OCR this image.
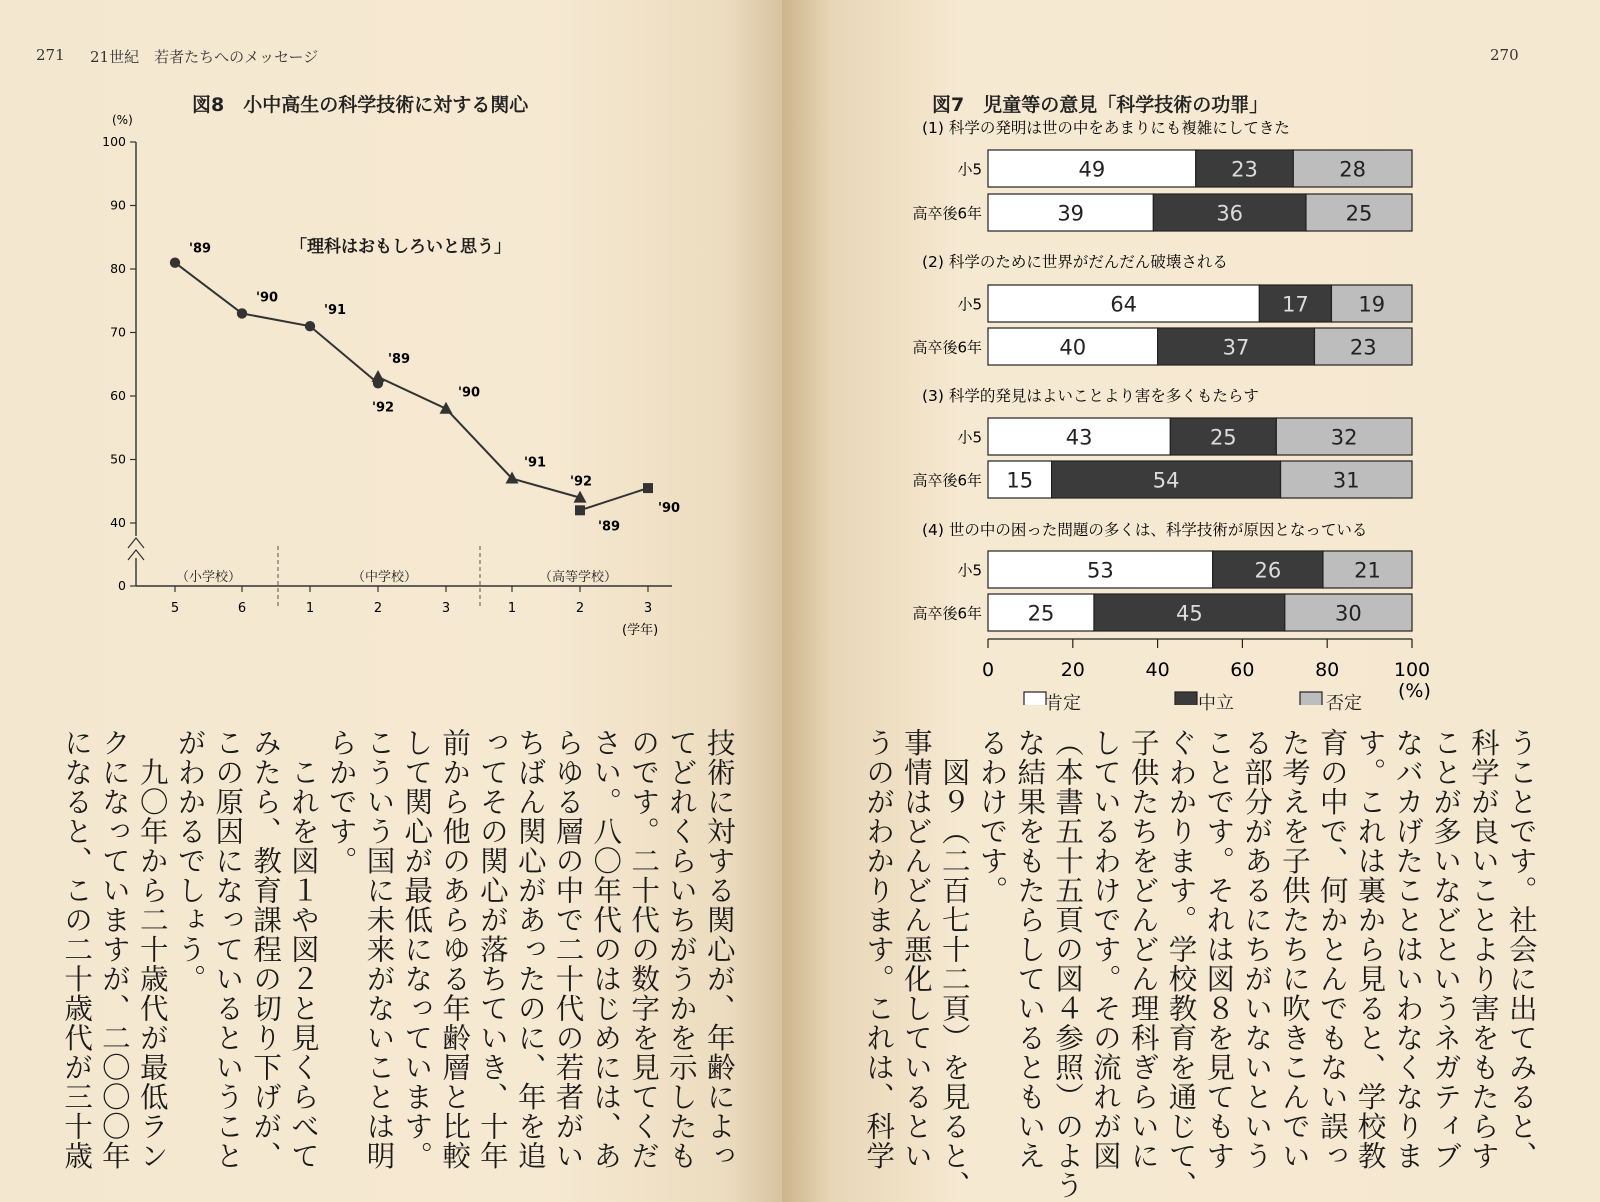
271 21世紀　若者たちへのメッセージ
図8　小中高生の科学技術に対する関心
(%)
0
40
50
60
70
80
90
100
5	6	1	2	3	1	2	3
(学年)
'89
'90
'91
'92
'89
'90
'91
'92
'89
'90
「理科はおもしろいと思う」
（小学校）	（中学校）	（高等学校）
技術に対する関心が、年齢によっ
てどれくらいちがうかを示したも
のです。二十代の数字を見てくだ
さい。八〇年代のはじめには、あ
らゆる層の中で二十代の若者がい
ちばん関心があったのに、年を追
ってその関心が落ちていき、十年
前から他のあらゆる年齢層と比較
して関心が最低になっています。
こういう国に未来がないことは明
らかです。
　これを図１や図２と見くらべて
みたら、教育課程の切り下げが、
この原因になっているということ
がわかるでしょう。
　九〇年から二十歳代が最低ラン
クになっていますが、二〇〇〇年
になると、この二十歳代が三十歳
270
図7　児童等の意見「科学技術の功罪」
(1) 科学の発明は世の中をあまりにも複雑にしてきた
小5	49	23	28
高卒後6年	39	36	25
(2) 科学のために世界がだんだん破壊される
小5	64	17 19
高卒後6年	40	37	23
(3) 科学的発見はよいことより害を多くもたらす
小5	43	25	32
高卒後6年 15	54	31
(4) 世の中の困った問題の多くは、科学技術が原因となっている
小5	53	26	21
高卒後6年 25	45	30
0	20	40	60	80	100
(%)
肯定	中立	否定
うことです。社会に出てみると、
科学が良いことより害をもたらす
ことが多いなどというネガティブ
なバカげたことはいわなくなりま
す。これは裏から見ると、学校教
育の中で、何かとんでもない誤っ
た考えを子供たちに吹きこんでい
る部分があるにちがいないという
ことです。それは図８を見てもす
ぐわかります。学校教育を通じて、
子供たちをどんどん理科ぎらいに
しているわけです。その流れが図
（本書五十五頁の図４参照）のよう
な結果をもたらしているともいえ
るわけです。
　図９（二百七十二頁）を見ると、
事情はどんどん悪化しているとい
うのがわかります。これは、科学
